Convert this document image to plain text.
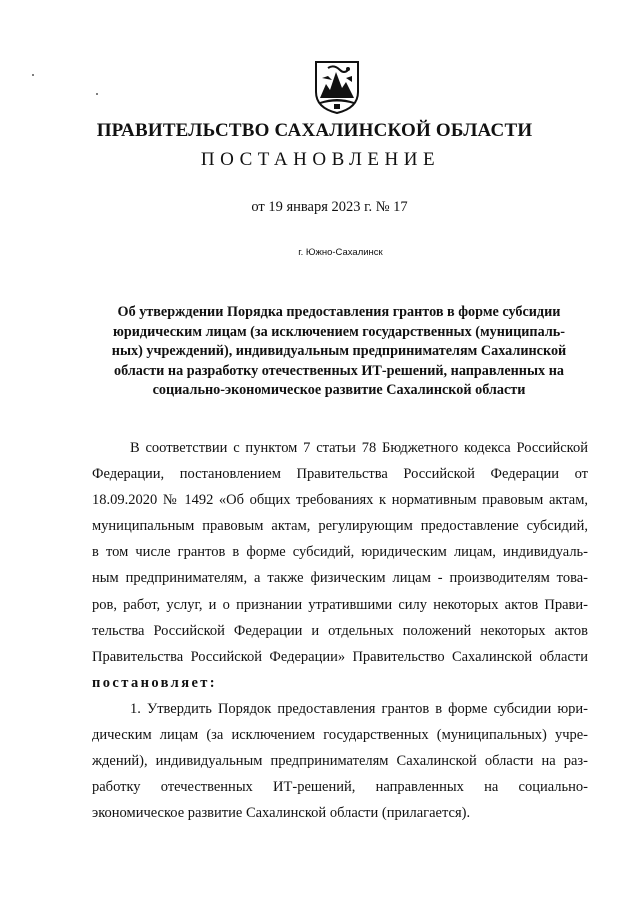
ПРАВИТЕЛЬСТВО САХАЛИНСКОЙ ОБЛАСТИ
ПОСТАНОВЛЕНИЕ
от 19 января 2023 г. № 17
г. Южно-Сахалинск
Об утверждении Порядка предоставления грантов в форме субсидии
юридическим лицам (за исключением государственных (муниципаль-
ных) учреждений), индивидуальным предпринимателям Сахалинской
области на разработку отечественных ИТ-решений, направленных на
социально-экономическое развитие Сахалинской области
В соответствии с пунктом 7 статьи 78 Бюджетного кодекса Российской
Федерации, постановлением Правительства Российской Федерации от
18.09.2020 № 1492 «Об общих требованиях к нормативным правовым актам,
муниципальным правовым актам, регулирующим предоставление субсидий,
в том числе грантов в форме субсидий, юридическим лицам, индивидуаль-
ным предпринимателям, а также физическим лицам - производителям това-
ров, работ, услуг, и о признании утратившими силу некоторых актов Прави-
тельства Российской Федерации и отдельных положений некоторых актов
Правительства Российской Федерации» Правительство Сахалинской области
постановляет:
1. Утвердить Порядок предоставления грантов в форме субсидии юри-
дическим лицам (за исключением государственных (муниципальных) учре-
ждений), индивидуальным предпринимателям Сахалинской области на раз-
работку отечественных ИТ-решений, направленных на социально-
экономическое развитие Сахалинской области (прилагается).
